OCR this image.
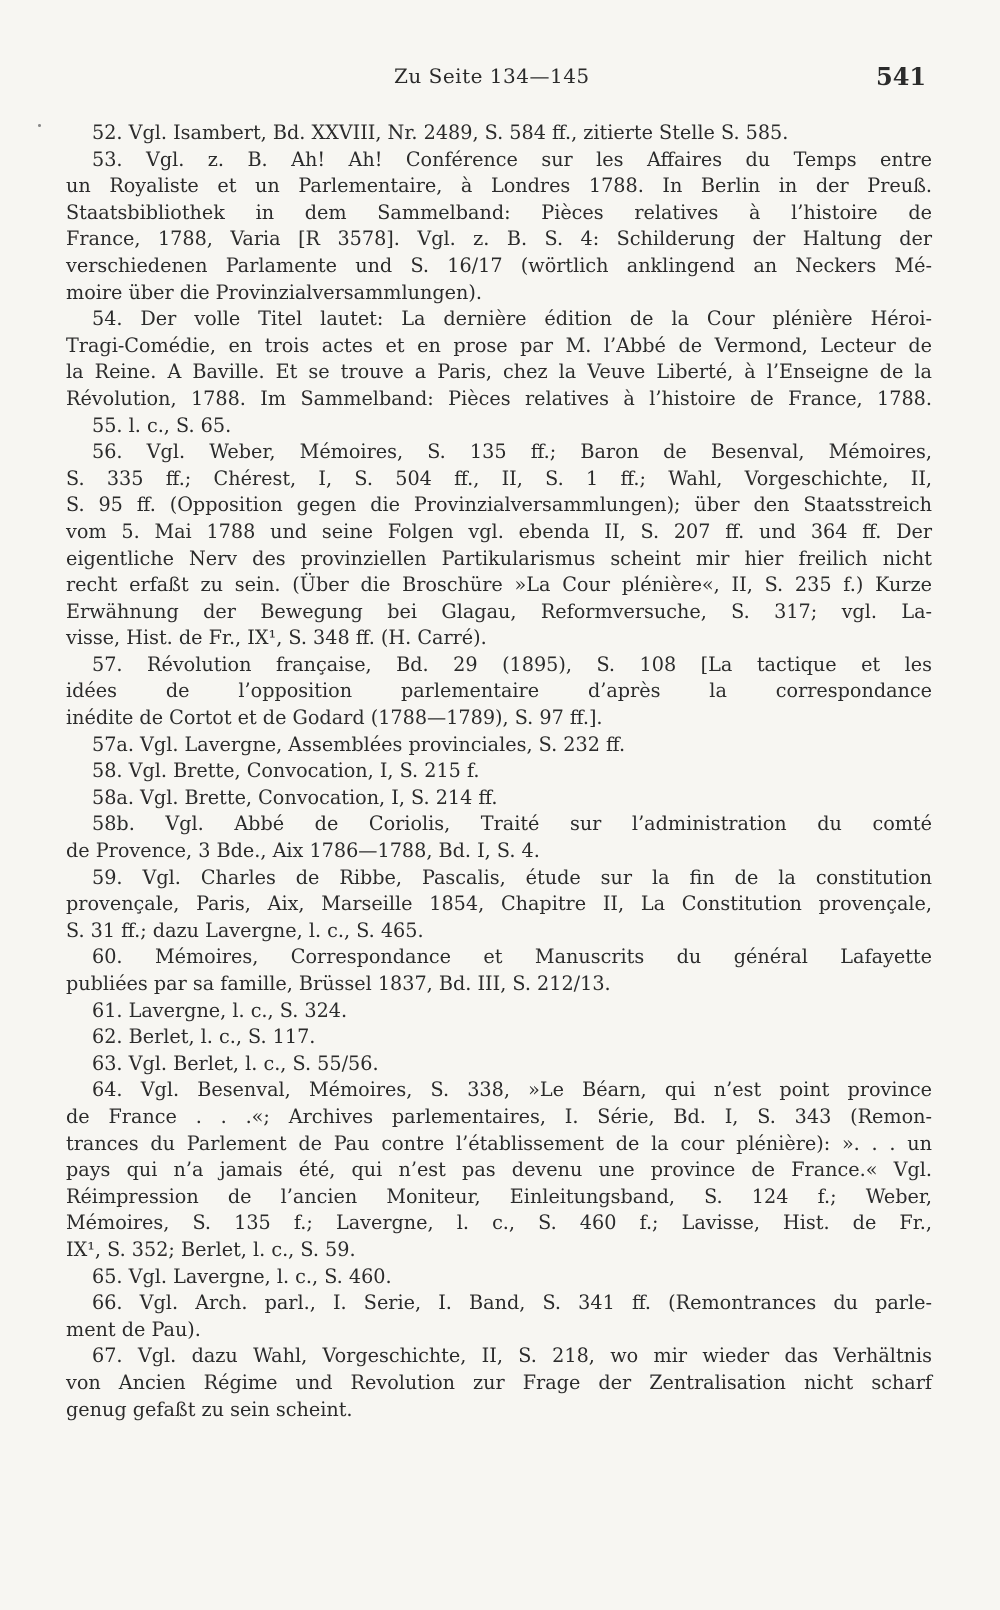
Zu Seite 134—145	541
52. Vgl. Isambert, Bd. XXVIII, Nr. 2489, S. 584 ff., zitierte Stelle S. 585.
53. Vgl. z. B. Ah! Ah! Conférence sur les Affaires du Temps entre
un Royaliste et un Parlementaire, à Londres 1788. In Berlin in der Preuß.
Staatsbibliothek in dem Sammelband: Pièces relatives à l’histoire de
France, 1788, Varia [R 3578]. Vgl. z. B. S. 4: Schilderung der Haltung der
verschiedenen Parlamente und S. 16/17 (wörtlich anklingend an Neckers Mé-
moire über die Provinzialversammlungen).
54. Der volle Titel lautet: La dernière édition de la Cour plénière Héroi-
Tragi-Comédie, en trois actes et en prose par M. l’Abbé de Vermond, Lecteur de
la Reine. A Baville. Et se trouve a Paris, chez la Veuve Liberté, à l’Enseigne de la
Révolution, 1788. Im Sammelband: Pièces relatives à l’histoire de France, 1788.
55. l. c., S. 65.
56. Vgl. Weber, Mémoires, S. 135 ff.; Baron de Besenval, Mémoires,
S. 335 ff.; Chérest, I, S. 504 ff., II, S. 1 ff.; Wahl, Vorgeschichte, II,
S. 95 ff. (Opposition gegen die Provinzialversammlungen); über den Staatsstreich
vom 5. Mai 1788 und seine Folgen vgl. ebenda II, S. 207 ff. und 364 ff. Der
eigentliche Nerv des provinziellen Partikularismus scheint mir hier freilich nicht
recht erfaßt zu sein. (Über die Broschüre »La Cour plénière«, II, S. 235 f.) Kurze
Erwähnung der Bewegung bei Glagau, Reformversuche, S. 317; vgl. La-
visse, Hist. de Fr., IX¹, S. 348 ff. (H. Carré).
57. Révolution française, Bd. 29 (1895), S. 108 [La tactique et les
idées de l’opposition parlementaire d’après la correspondance
inédite de Cortot et de Godard (1788—1789), S. 97 ff.].
57a. Vgl. Lavergne, Assemblées provinciales, S. 232 ff.
58. Vgl. Brette, Convocation, I, S. 215 f.
58a. Vgl. Brette, Convocation, I, S. 214 ff.
58b. Vgl. Abbé de Coriolis, Traité sur l’administration du comté
de Provence, 3 Bde., Aix 1786—1788, Bd. I, S. 4.
59. Vgl. Charles de Ribbe, Pascalis, étude sur la fin de la constitution
provençale, Paris, Aix, Marseille 1854, Chapitre II, La Constitution provençale,
S. 31 ff.; dazu Lavergne, l. c., S. 465.
60. Mémoires, Correspondance et Manuscrits du général Lafayette
publiées par sa famille, Brüssel 1837, Bd. III, S. 212/13.
61. Lavergne, l. c., S. 324.
62. Berlet, l. c., S. 117.
63. Vgl. Berlet, l. c., S. 55/56.
64. Vgl. Besenval, Mémoires, S. 338, »Le Béarn, qui n’est point province
de France . . .«; Archives parlementaires, I. Série, Bd. I, S. 343 (Remon-
trances du Parlement de Pau contre l’établissement de la cour plénière): ». . . un
pays qui n’a jamais été, qui n’est pas devenu une province de France.« Vgl.
Réimpression de l’ancien Moniteur, Einleitungsband, S. 124 f.; Weber,
Mémoires, S. 135 f.; Lavergne, l. c., S. 460 f.; Lavisse, Hist. de Fr.,
IX¹, S. 352; Berlet, l. c., S. 59.
65. Vgl. Lavergne, l. c., S. 460.
66. Vgl. Arch. parl., I. Serie, I. Band, S. 341 ff. (Remontrances du parle-
ment de Pau).
67. Vgl. dazu Wahl, Vorgeschichte, II, S. 218, wo mir wieder das Verhältnis
von Ancien Régime und Revolution zur Frage der Zentralisation nicht scharf
genug gefaßt zu sein scheint.
